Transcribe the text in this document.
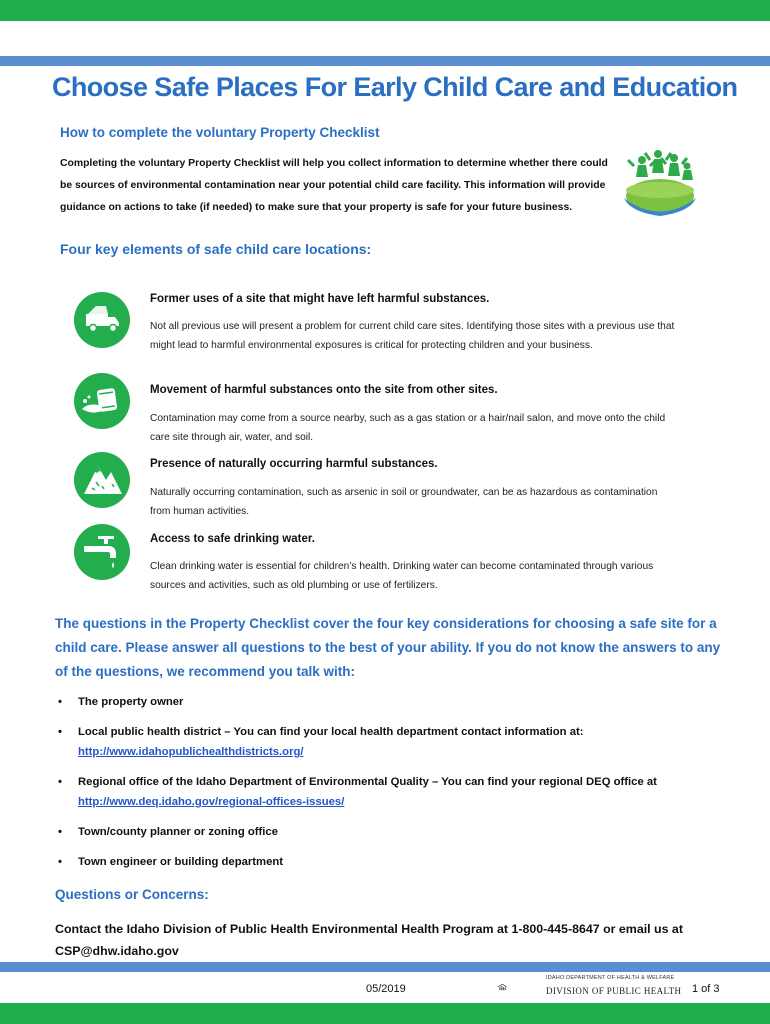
Choose Safe Places For Early Child Care and Education
How to complete the voluntary Property Checklist
Completing the voluntary Property Checklist will help you collect information to determine whether there could be sources of environmental contamination near your potential child care facility. This information will provide guidance on actions to take (if needed) to make sure that your property is safe for your future business.
Four key elements of safe child care locations:
Former uses of a site that might have left harmful substances.
Not all previous use will present a problem for current child care sites. Identifying those sites with a previous use that might lead to harmful environmental exposures is critical for protecting children and your business.
Movement of harmful substances onto the site from other sites.
Contamination may come from a source nearby, such as a gas station or a hair/nail salon, and move onto the child care site through air, water, and soil.
Presence of naturally occurring harmful substances.
Naturally occurring contamination, such as arsenic in soil or groundwater, can be as hazardous as contamination from human activities.
Access to safe drinking water.
Clean drinking water is essential for children’s health. Drinking water can become contaminated through various sources and activities, such as old plumbing or use of fertilizers.
The questions in the Property Checklist cover the four key considerations for choosing a safe site for a child care. Please answer all questions to the best of your ability. If you do not know the answers to any of the questions, we recommend you talk with:
• The property owner
• Local public health district – You can find your local health department contact information at:
http://www.idahopublichealthdistricts.org/
• Regional office of the Idaho Department of Environmental Quality – You can find your regional DEQ office at
http://www.deq.idaho.gov/regional-offices-issues/
• Town/county planner or zoning office
• Town engineer or building department
Questions or Concerns:
Contact the Idaho Division of Public Health Environmental Health Program at 1-800-445-8647 or email us at CSP@dhw.idaho.gov
05/2019
IDAHO DEPARTMENT OF HEALTH & WELFARE
DIVISION OF PUBLIC HEALTH 1 of 3
